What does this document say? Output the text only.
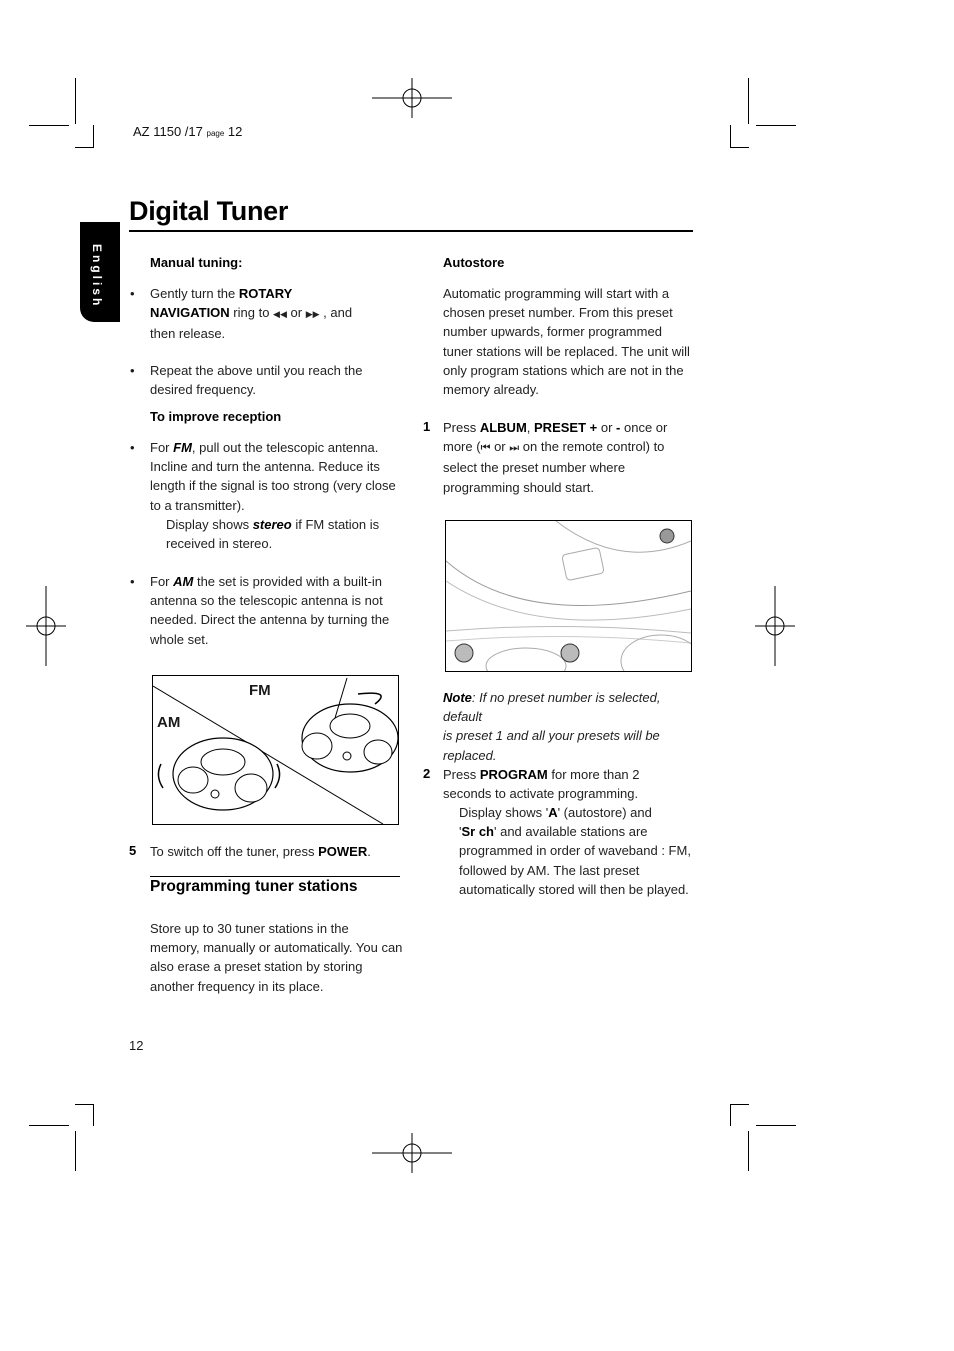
AZ 1150 /17 page 12
Digital Tuner
English	Manual tuning:
• Gently turn the ROTARY
NAVIGATION ring to ◀◀ or ▶▶ , and
then release.
• Repeat the above until you reach the
desired frequency.
To improve reception
• For FM, pull out the telescopic antenna.
Incline and turn the antenna. Reduce its
length if the signal is too strong (very close
to a transmitter).
Display shows stereo if FM station is
received in stereo.
• For AM the set is provided with a built-in
antenna so the telescopic antenna is not
needed. Direct the antenna by turning the
whole set.
FM
AM
5 To switch off the tuner, press POWER.
Programming tuner stations
Store up to 30 tuner stations in the
memory, manually or automatically. You can
also erase a preset station by storing
another frequency in its place.
Autostore
Automatic programming will start with a
chosen preset number. From this preset
number upwards, former programmed
tuner stations will be replaced. The unit will
only program stations which are not in the
memory already.
1 Press ALBUM, PRESET + or - once or
more (⏮ or ⏭ on the remote control) to
select the preset number where
programming should start.
Note: If no preset number is selected, default
is preset 1 and all your presets will be
replaced.
2 Press PROGRAM for more than 2
seconds to activate programming.
Display shows 'A' (autostore) and
'Sr ch' and available stations are
programmed in order of waveband : FM,
followed by AM. The last preset
automatically stored will then be played.
12
